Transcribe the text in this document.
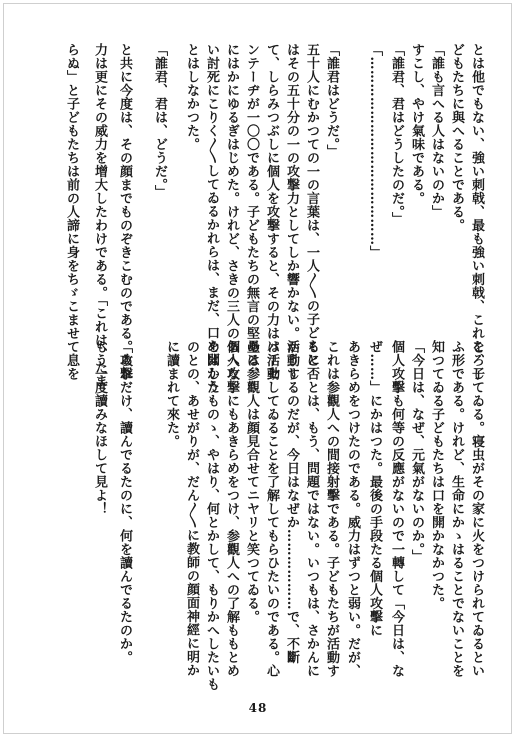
とは他でもない、強い刺戟、最も強い刺戟、これを、子
どもたちに與へることである。
「誰も言へる人はないのか」
すこし、やけ氣味である。
「誰君、君はどうしたのだ。」
「……………………………………」
「誰君はどうだ。」
五十人にむかつての一の言葉は、一人〳〵の子どもに
はその五十分の一の攻撃力としてしか響かない。かうし
て、しらみつぶしに個人を攻撃すると、その力はパーセ
ンテーヂが一〇〇である。子どもたちの無言の堅壘は、
にはかにゆるぎはじめた。けれど、さきの三人のあへな
い討死にこりく〳〵してゐるかれらは、まだ、口を開かう
とはしなかつた。
「誰君、君は、どうだ。」
と共に今度は、その顔までものぞきこむのである。攻撃
力は更にその威力を增大したわけである。「これは、たま
らぬ」と子どもたちは前の人諦に身をちゞこませて息を
ころしてゐる。寝虫がその家に火をつけられてゐるとい
ふ形である。けれど、生命にかゝはることでないことを
知つてゐる子どもたちは口を開かなかつた。
「今日は、なぜ、元氣がないのか。」
個人攻擊も何等の反應がないので一轉して「今日は、な
ぜ……」にかはつた。最後の手段たる個人攻擊に
あきらめをつけたのである。威力はずつと弱い。だが、
これは参觀人への間接射擊である。子どもたちが活動す
ると否とは、もう、問題ではない。いつもは、さかんに
活動するのだが、今日はなぜか………………で、不斷
は活動してゐることを了解してもらひたいのである。心
ある参觀人は顔見合せてニヤリと笑つてゐる。
個人攻撃にもあきらめをつけ、参觀人への了解ももとめ
めはしたものゝ、やはり、何とかして、もりかへしたいも
のとの、あせがりが、だん〳〵に教師の顔面神經に明か
に讀まれて來た。
「あれだけ、讀んでるたのに、何を讀んでるたのか。
もう一度讀みなほして見よ！
48
